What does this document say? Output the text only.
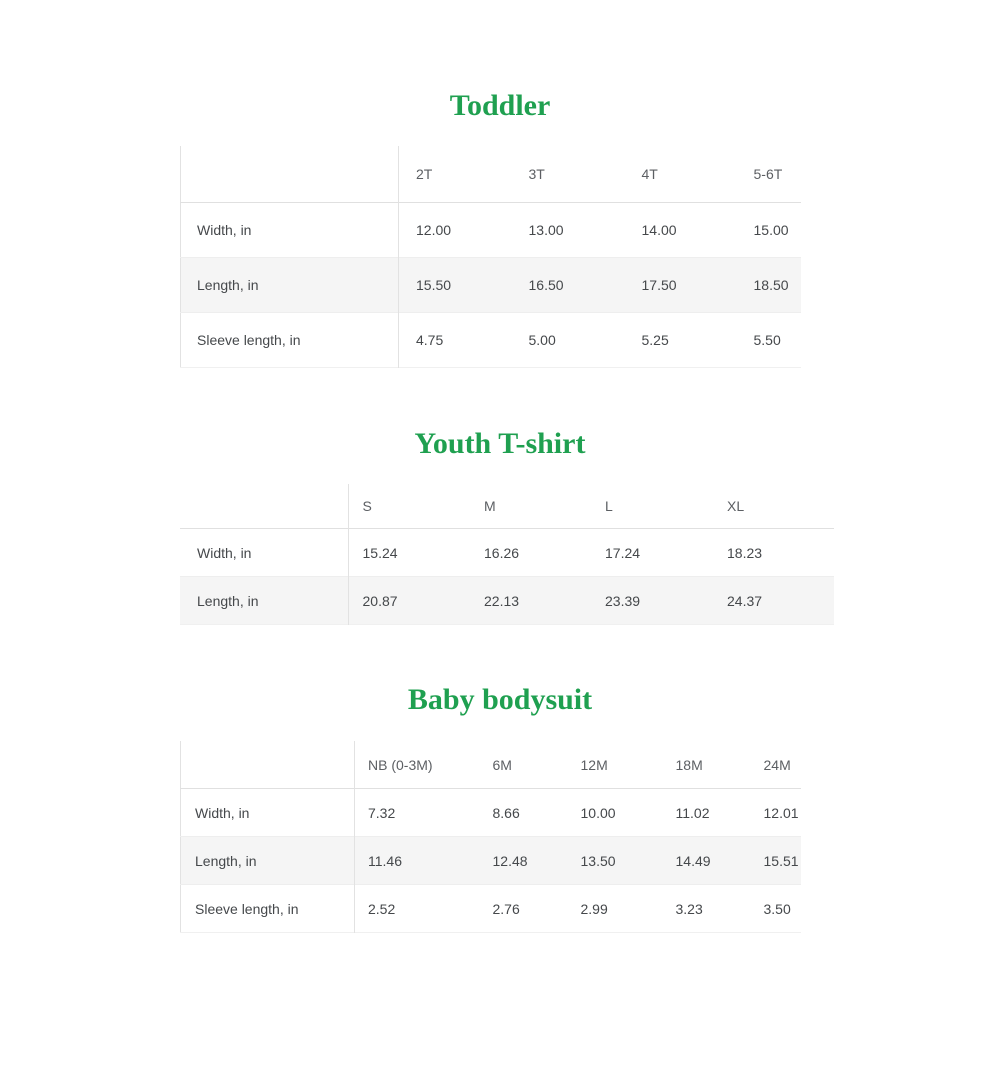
Toddler
	2T	3T	4T	5-6T
Width, in	12.00	13.00	14.00	15.00
Length, in	15.50	16.50	17.50	18.50
Sleeve length, in	4.75	5.00	5.25	5.50
Youth T-shirt
	S	M	L	XL
Width, in	15.24	16.26	17.24	18.23
Length, in	20.87	22.13	23.39	24.37
Baby bodysuit
	NB (0-3M)	6M	12M	18M	24M
Width, in	7.32	8.66	10.00	11.02	12.01
Length, in	11.46	12.48	13.50	14.49	15.51
Sleeve length, in	2.52	2.76	2.99	3.23	3.50
